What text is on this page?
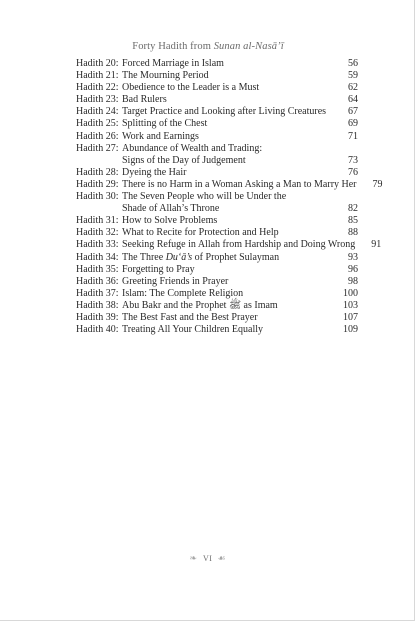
Forty Hadith from Sunan al-Nasā’ī
Hadith 20: Forced Marriage in Islam	56
Hadith 21: The Mourning Period	59
Hadith 22: Obedience to the Leader is a Must	62
Hadith 23: Bad Rulers	64
Hadith 24: Target Practice and Looking after Living Creatures	67
Hadith 25: Splitting of the Chest	69
Hadith 26: Work and Earnings	71
Hadith 27: Abundance of Wealth and Trading:
Signs of the Day of Judgement	73
Hadith 28: Dyeing the Hair	76
Hadith 29: There is no Harm in a Woman Asking a Man to Marry Her	79
Hadith 30: The Seven People who will be Under the
Shade of Allah’s Throne	82
Hadith 31: How to Solve Problems	85
Hadith 32: What to Recite for Protection and Help	88
Hadith 33: Seeking Refuge in Allah from Hardship and Doing Wrong	91
Hadith 34: The Three Du‘ā’s of Prophet Sulayman	93
Hadith 35: Forgetting to Pray	96
Hadith 36: Greeting Friends in Prayer	98
Hadith 37: Islam: The Complete Religion	100
Hadith 38: Abu Bakr and the Prophet ﷺ as Imam	103
Hadith 39: The Best Fast and the Best Prayer	107
Hadith 40: Treating All Your Children Equally	109
❧ VI ☙
